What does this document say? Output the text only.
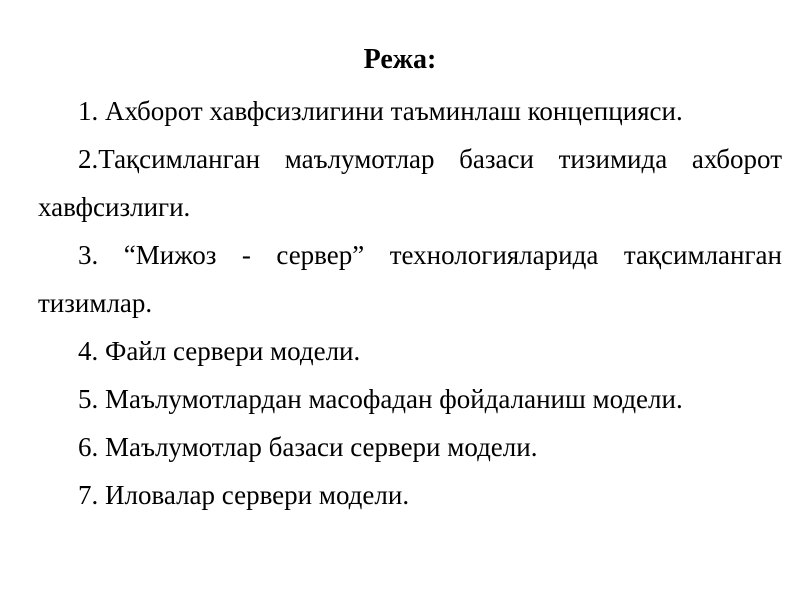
Режа:

1. Ахборот хавфсизлигини таъминлаш концепцияси.

2.Тақсимланган маълумотлар базаси тизимида ахборот хавфсизлиги.

3. “Мижоз - сервер” технологияларида тақсимланган тизимлар.

4. Файл сервери модели.

5. Маълумотлардан масофадан фойдаланиш модели.

6. Маълумотлар базаси сервери модели.

7. Иловалар сервери модели.
